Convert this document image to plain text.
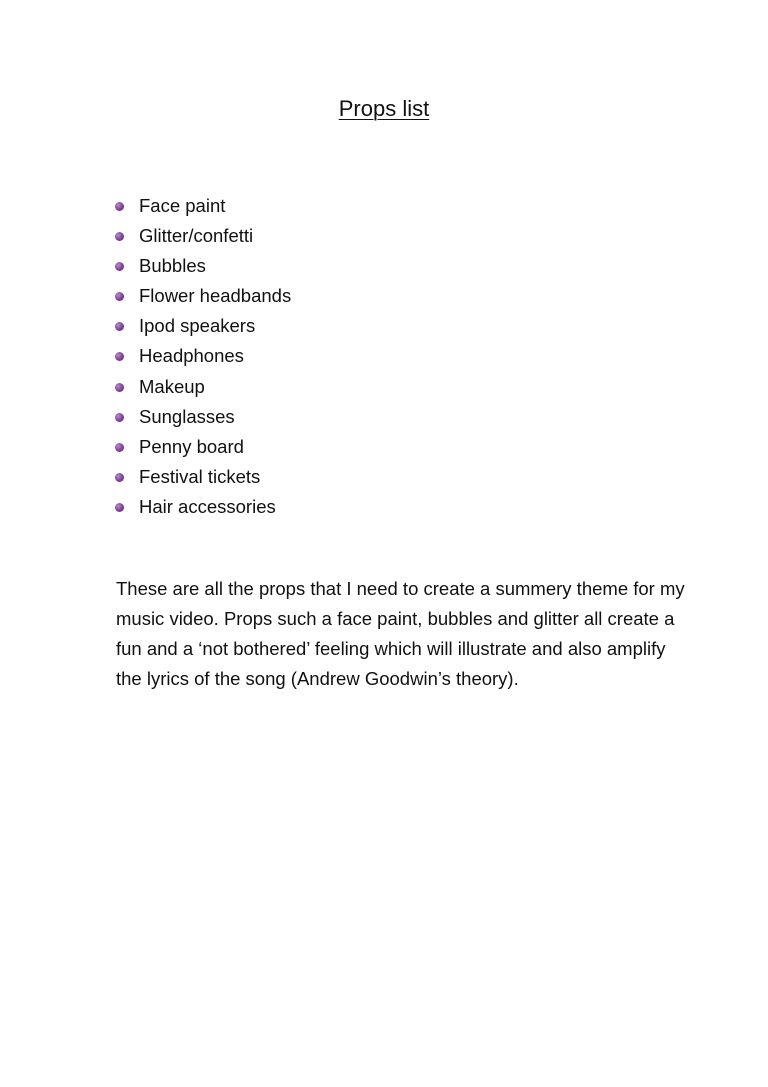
Props list
Face paint
Glitter/confetti
Bubbles
Flower headbands
Ipod speakers
Headphones
Makeup
Sunglasses
Penny board
Festival tickets
Hair accessories

These are all the props that I need to create a summery theme for my music video. Props such a face paint, bubbles and glitter all create a fun and a ‘not bothered’ feeling which will illustrate and also amplify the lyrics of the song (Andrew Goodwin’s theory).
